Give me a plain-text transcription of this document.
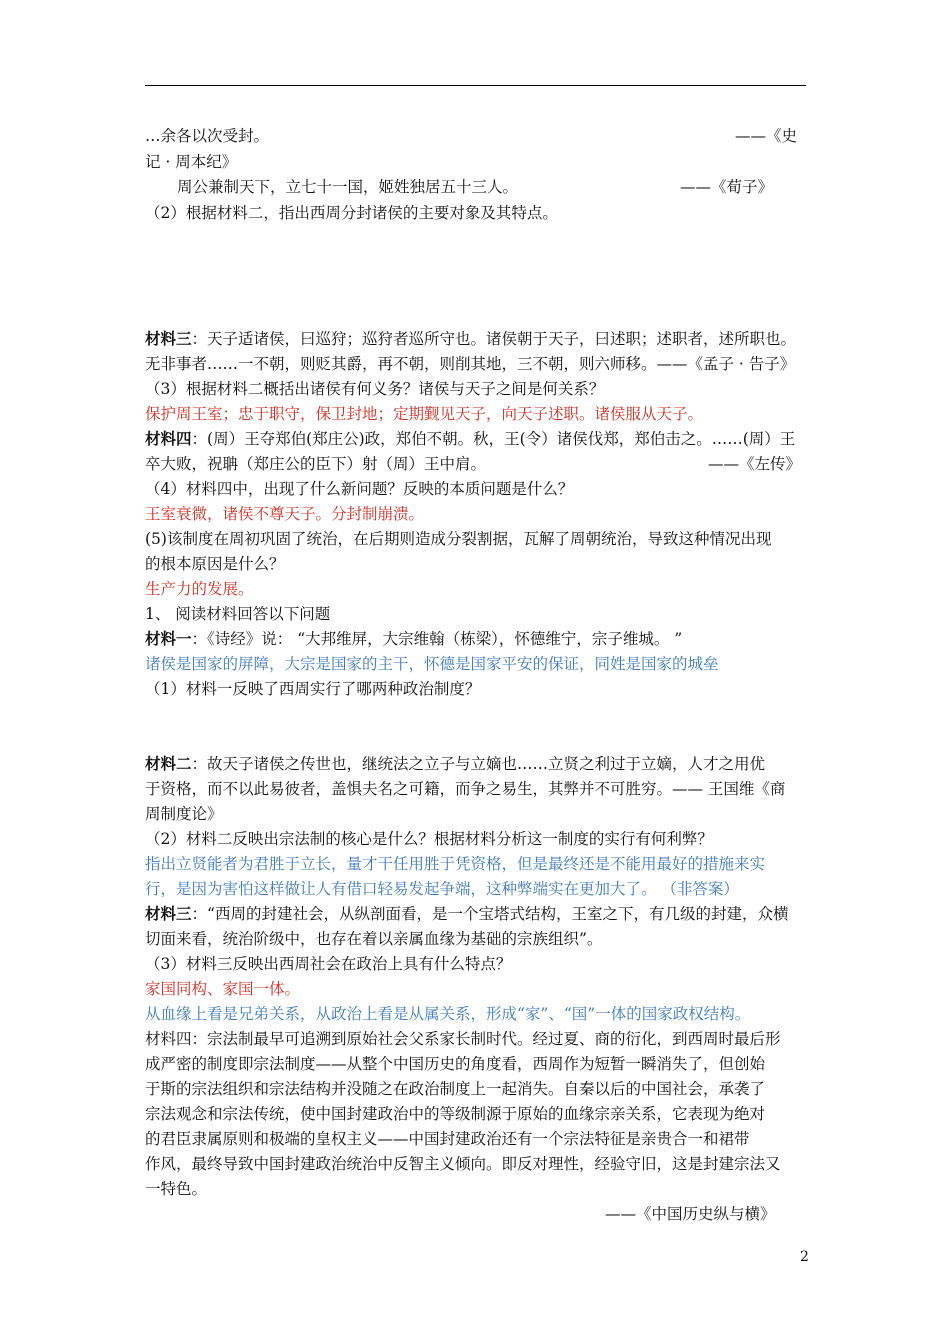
…余各以次受封。	——《史
记 · 周本纪》
周公兼制天下，立七十一国，姬姓独居五十三人。	——《荀子》
（2）根据材料二，指出西周分封诸侯的主要对象及其特点。
材料三：天子适诸侯，曰巡狩；巡狩者巡所守也。诸侯朝于天子，曰述职；述职者，述所职也。
无非事者……一不朝，则贬其爵，再不朝，则削其地，三不朝，则六师移。——《孟子 · 告子》
（3）根据材料二概括出诸侯有何义务？诸侯与天子之间是何关系？
保护周王室；忠于职守，保卫封地；定期觐见天子，向天子述职。诸侯服从天子。
材料四：(周）王夺郑伯(郑庄公)政，郑伯不朝。秋，王(令）诸侯伐郑，郑伯击之。……(周）王
卒大败，祝聃（郑庄公的臣下）射（周）王中肩。	——《左传》
（4）材料四中，出现了什么新问题？反映的本质问题是什么？
王室衰微，诸侯不尊天子。分封制崩溃。
(5)该制度在周初巩固了统治，在后期则造成分裂割据，瓦解了周朝统治，导致这种情况出现
的根本原因是什么？
生产力的发展。
1、 阅读材料回答以下问题
材料一：《诗经》说： “大邦维屏，大宗维翰（栋梁），怀德维宁，宗子维城。 ”
诸侯是国家的屏障，大宗是国家的主干，怀德是国家平安的保证，同姓是国家的城垒
（1）材料一反映了西周实行了哪两种政治制度？
材料二：故天子诸侯之传世也，继统法之立子与立嫡也……立贤之利过于立嫡，人才之用优
于资格，而不以此易彼者，盖惧夫名之可籍，而争之易生，其弊并不可胜穷。—— 王国维《商
周制度论》
（2）材料二反映出宗法制的核心是什么？根据材料分析这一制度的实行有何利弊？
指出立贤能者为君胜于立长，量才干任用胜于凭资格，但是最终还是不能用最好的措施来实
行，是因为害怕这样做让人有借口轻易发起争端，这种弊端实在更加大了。 （非答案）
材料三：“西周的封建社会，从纵剖面看，是一个宝塔式结构，王室之下，有几级的封建，众横
切面来看，统治阶级中，也存在着以亲属血缘为基础的宗族组织”。
（3）材料三反映出西周社会在政治上具有什么特点？
家国同构、家国一体。
从血缘上看是兄弟关系，从政治上看是从属关系，形成“家”、“国”一体的国家政权结构。
材料四：宗法制最早可追溯到原始社会父系家长制时代。经过夏、商的衍化，到西周时最后形
成严密的制度即宗法制度——从整个中国历史的角度看，西周作为短暂一瞬消失了，但创始
于斯的宗法组织和宗法结构并没随之在政治制度上一起消失。自秦以后的中国社会，承袭了
宗法观念和宗法传统，使中国封建政治中的等级制源于原始的血缘宗亲关系，它表现为绝对
的君臣隶属原则和极端的皇权主义——中国封建政治还有一个宗法特征是亲贵合一和裙带
作风，最终导致中国封建政治统治中反智主义倾向。即反对理性，经验守旧，这是封建宗法又
一特色。
——《中国历史纵与横》
2
